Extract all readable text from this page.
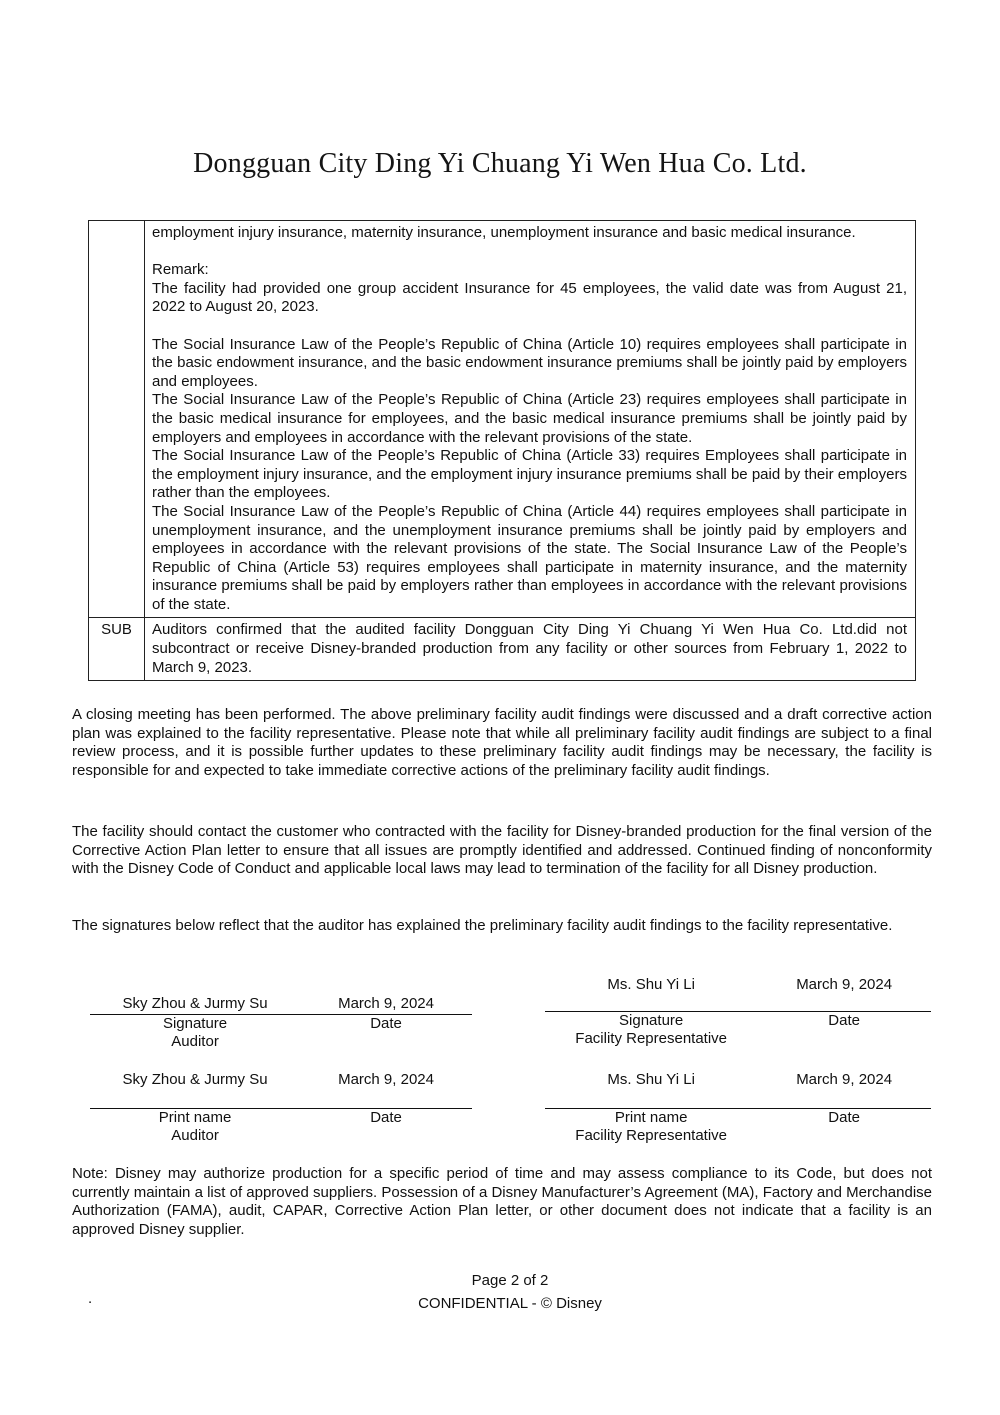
Dongguan City Ding Yi Chuang Yi Wen Hua Co. Ltd.

employment injury insurance, maternity insurance, unemployment insurance and basic medical insurance.
Remark:
The facility had provided one group accident Insurance for 45 employees, the valid date was from August 21, 2022 to August 20, 2023.
The Social Insurance Law of the People’s Republic of China (Article 10) requires employees shall participate in the basic endowment insurance, and the basic endowment insurance premiums shall be jointly paid by employers and employees.
The Social Insurance Law of the People’s Republic of China (Article 23) requires employees shall participate in the basic medical insurance for employees, and the basic medical insurance premiums shall be jointly paid by employers and employees in accordance with the relevant provisions of the state.
The Social Insurance Law of the People’s Republic of China (Article 33) requires Employees shall participate in the employment injury insurance, and the employment injury insurance premiums shall be paid by their employers rather than the employees.
The Social Insurance Law of the People’s Republic of China (Article 44) requires employees shall participate in unemployment insurance, and the unemployment insurance premiums shall be jointly paid by employers and employees in accordance with the relevant provisions of the state. The Social Insurance Law of the People’s Republic of China (Article 53) requires employees shall participate in maternity insurance, and the maternity insurance premiums shall be paid by employers rather than employees in accordance with the relevant provisions of the state.

SUB	Auditors confirmed that the audited facility Dongguan City Ding Yi Chuang Yi Wen Hua Co. Ltd.did not subcontract or receive Disney-branded production from any facility or other sources from February 1, 2022 to March 9, 2023.
A closing meeting has been performed. The above preliminary facility audit findings were discussed and a draft corrective action plan was explained to the facility representative. Please note that while all preliminary facility audit findings are subject to a final review process, and it is possible further updates to these preliminary facility audit findings may be necessary, the facility is responsible for and expected to take immediate corrective actions of the preliminary facility audit findings.
The facility should contact the customer who contracted with the facility for Disney-branded production for the final version of the Corrective Action Plan letter to ensure that all issues are promptly identified and addressed. Continued finding of nonconformity with the Disney Code of Conduct and applicable local laws may lead to termination of the facility for all Disney production.
The signatures below reflect that the auditor has explained the preliminary facility audit findings to the facility representative.
Sky Zhou & Jurmy Su	March 9, 2024
Signature	Date
Auditor
Ms. Shu Yi Li	March 9, 2024
Signature	Date
Facility Representative
Sky Zhou & Jurmy Su	March 9, 2024
Print name	Date
Auditor
Ms. Shu Yi Li	March 9, 2024
Print name	Date
Facility Representative
Note: Disney may authorize production for a specific period of time and may assess compliance to its Code, but does not currently maintain a list of approved suppliers. Possession of a Disney Manufacturer’s Agreement (MA), Factory and Merchandise Authorization (FAMA), audit, CAPAR, Corrective Action Plan letter, or other document does not indicate that a facility is an approved Disney supplier.
Page 2 of 2
CONFIDENTIAL - © Disney
.
